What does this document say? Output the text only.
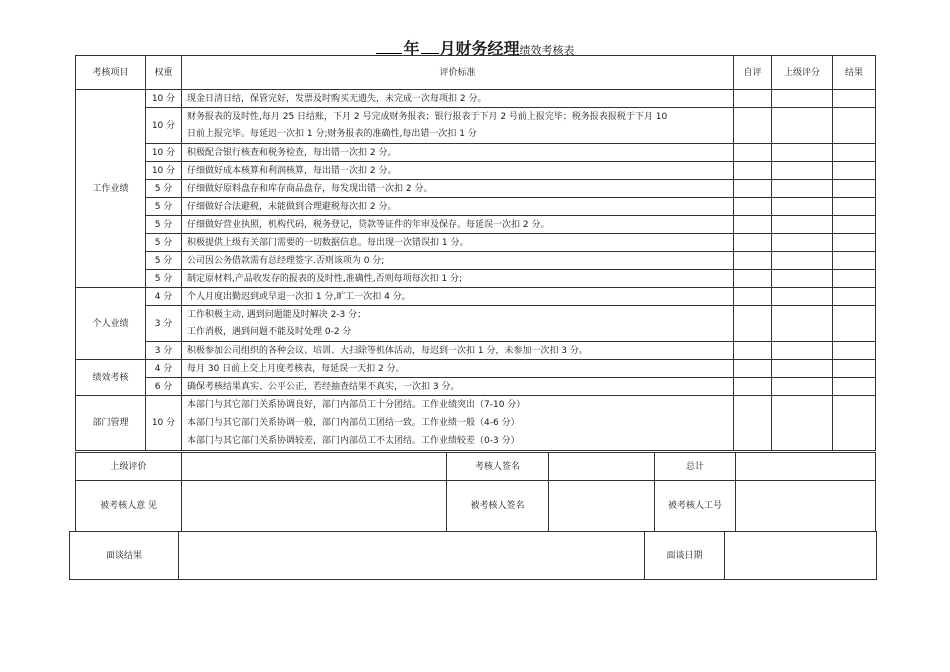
年 月财务经理绩效考核表
考核项目	权重	评价标准	自评	上级评分	结果
工作业绩	10 分	现金日清日结，保管完好，发票及时购买无遗失，未完成一次每项扣 2 分。			

	10 分	财务报表的及时性,每月 25 日结账，下月 2 号完成财务报表；银行报表于下月 2 号前上报完毕；税务报表报税于下月 10
日前上报完毕。每延迟一次扣 1 分;财务报表的准确性,每出错一次扣 1 分			

	10 分	积极配合银行核查和税务检查，每出错一次扣 2 分。			

	10 分	仔细做好成本核算和利润核算，每出错一次扣 2 分。			

	5 分	仔细做好原料盘存和库存商品盘存，每发现出错一次扣 2 分。			

	5 分	仔细做好合法避税，未能做到合理避税每次扣 2 分。			

	5 分	仔细做好营业执照，机构代码，税务登记，贷款等证件的年审及保存。每延误一次扣 2 分。			

	5 分	积极提供上级有关部门需要的一切数据信息。每出现一次错误扣 1 分。			

	5 分	公司因公务借款需有总经理签字.否则该项为 0 分;			

	5 分	制定原材料,产品收发存的报表的及时性,准确性,否则每项每次扣 1 分;			

个人业绩	4 分	个人月度出勤迟到或早退一次扣 1 分,旷工一次扣 4 分。			

	3 分	工作积极主动, 遇到问题能及时解决 2-3 分；
工作消极，遇到问题不能及时处理 0-2 分			

	3 分	积极参加公司组织的各种会议、培训、大扫除等机体活动，每迟到一次扣 1 分，未参加一次扣 3 分。			

绩效考核	4 分	每月 30 日前上交上月度考核表，每延误一天扣 2 分。			

	6 分	确保考核结果真实、公平公正，若经抽查结果不真实，一次扣 3 分。			

部门管理	10 分	本部门与其它部门关系协调良好，部门内部员工十分团结。工作业绩突出（7-10 分）
本部门与其它部门关系协调一般，部门内部员工团结一致。工作业绩一般（4-6 分）
本部门与其它部门关系协调较差，部门内部员工不太团结。工作业绩较差（0-3 分）			

上级评价		考核人签名		总计	
被考核人意 见		被考核人签名		被考核人工号	
面谈结果		面谈日期	
